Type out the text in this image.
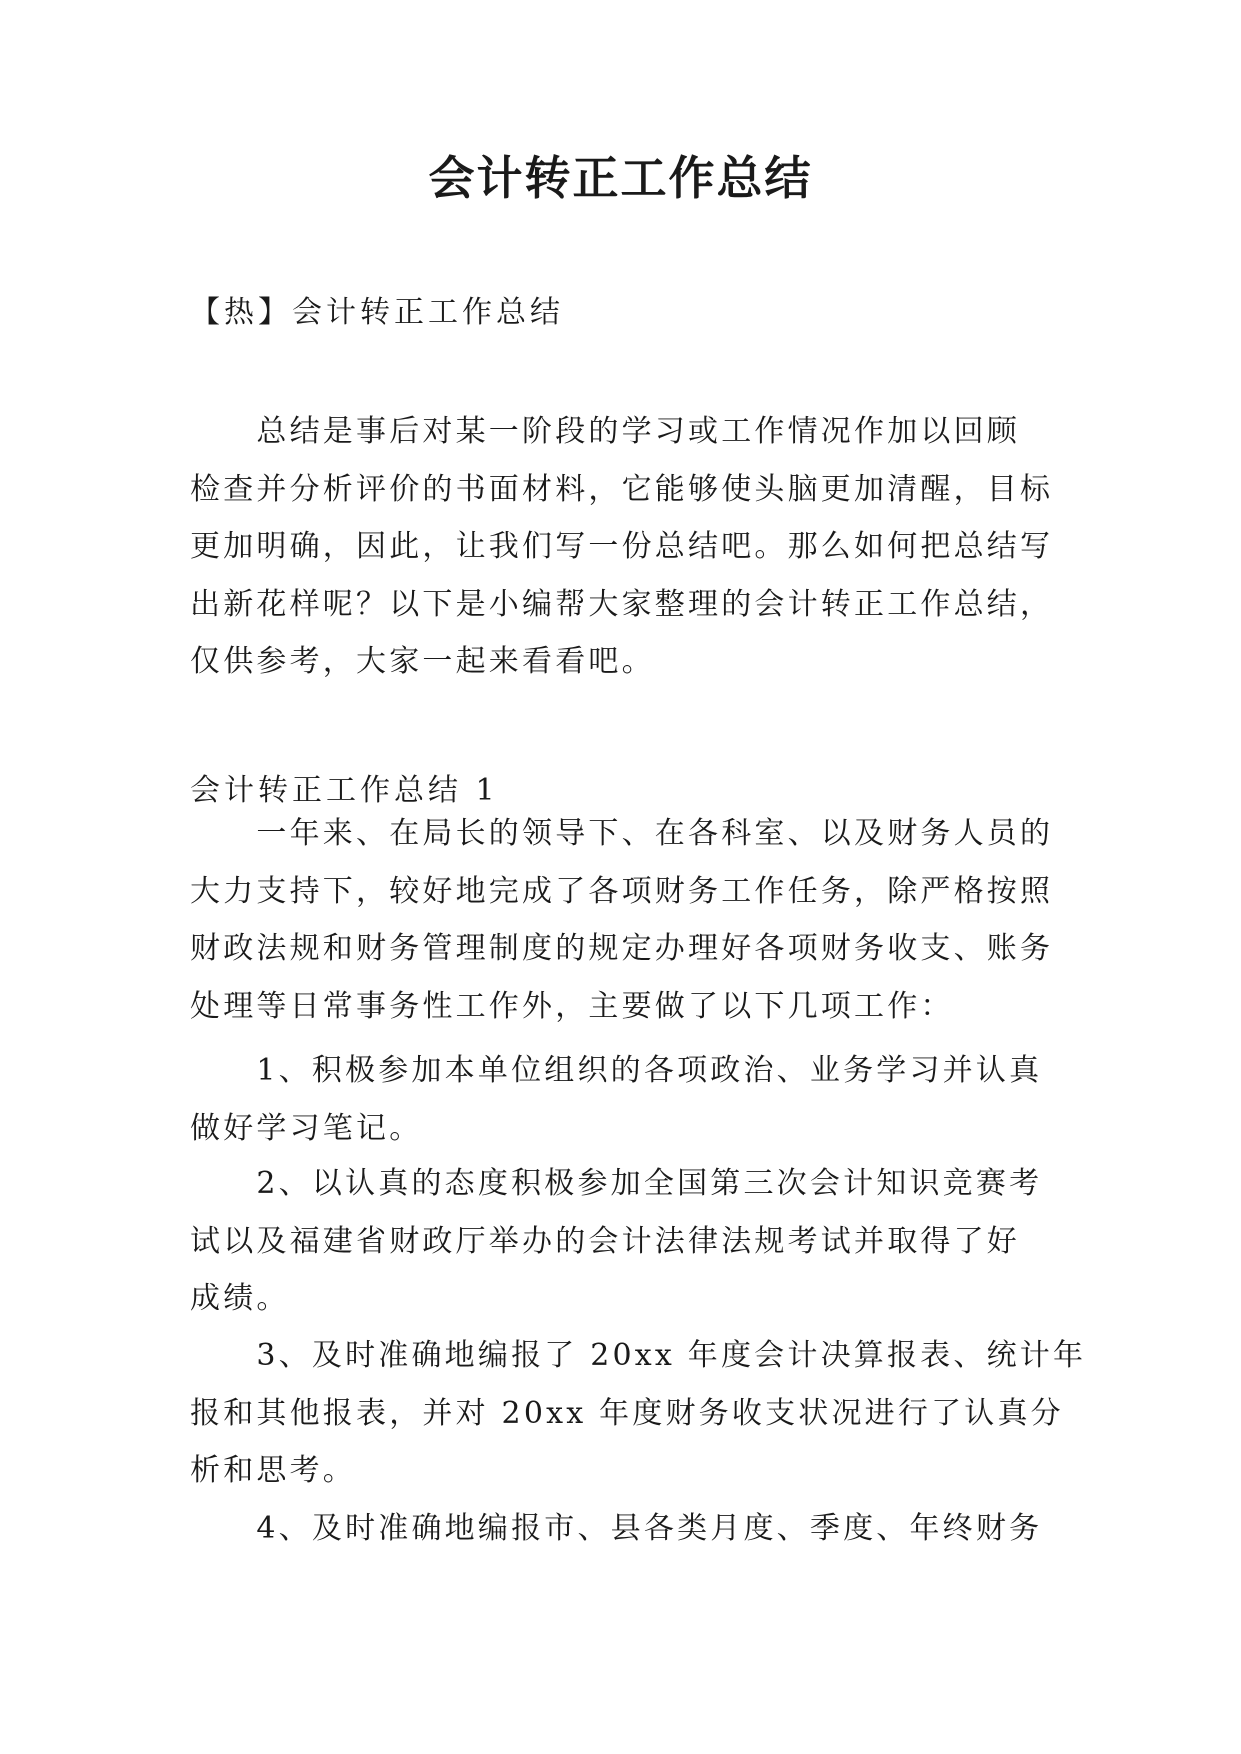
会计转正工作总结

【热】会计转正工作总结

　　总结是事后对某一阶段的学习或工作情况作加以回顾
检查并分析评价的书面材料，它能够使头脑更加清醒，目标
更加明确，因此，让我们写一份总结吧。那么如何把总结写
出新花样呢？以下是小编帮大家整理的会计转正工作总结，
仅供参考，大家一起来看看吧。

会计转正工作总结 1

　　一年来、在局长的领导下、在各科室、以及财务人员的
大力支持下，较好地完成了各项财务工作任务，除严格按照
财政法规和财务管理制度的规定办理好各项财务收支、账务
处理等日常事务性工作外，主要做了以下几项工作：

　　1、积极参加本单位组织的各项政治、业务学习并认真
做好学习笔记。

　　2、以认真的态度积极参加全国第三次会计知识竞赛考
试以及福建省财政厅举办的会计法律法规考试并取得了好
成绩。

　　3、及时准确地编报了 20xx 年度会计决算报表、统计年
报和其他报表，并对 20xx 年度财务收支状况进行了认真分
析和思考。

　　4、及时准确地编报市、县各类月度、季度、年终财务
